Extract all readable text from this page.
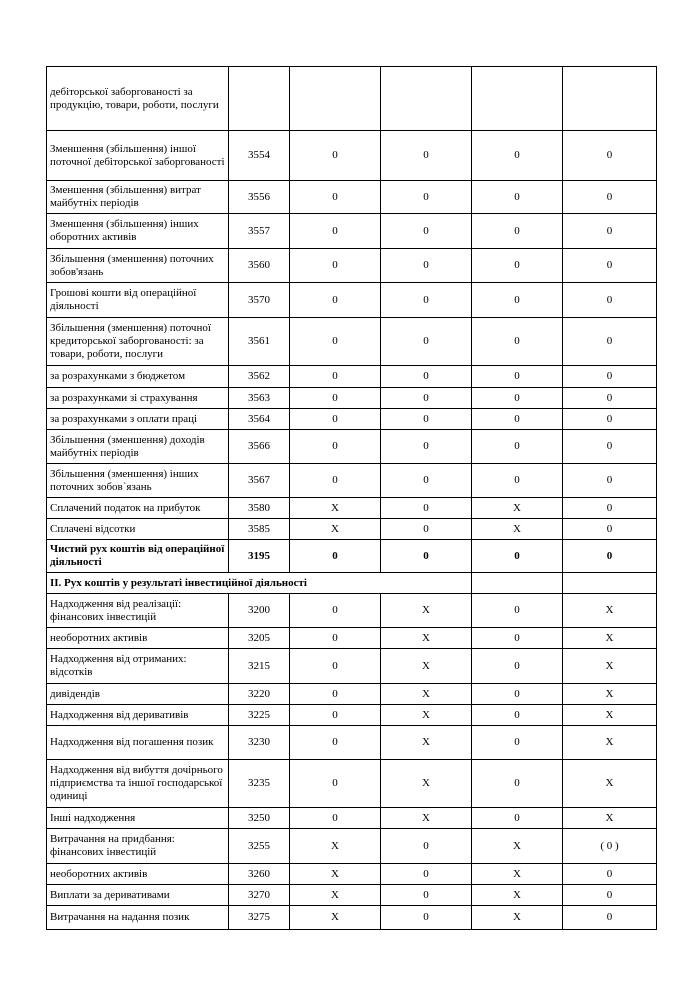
дебіторської заборгованості за продукцію, товари, роботи, послуги					
Зменшення (збільшення) іншої поточної дебіторської заборгованості	3554	0	0	0	0
Зменшення (збільшення) витрат майбутніх періодів	3556	0	0	0	0
Зменшення (збільшення) інших оборотних активів	3557	0	0	0	0
Збільшення (зменшення) поточних зобов'язань	3560	0	0	0	0
Грошові кошти від операційної діяльності	3570	0	0	0	0
Збільшення (зменшення) поточної кредиторської заборгованості: за товари, роботи, послуги	3561	0	0	0	0
за розрахунками з бюджетом	3562	0	0	0	0
за розрахунками зі страхування	3563	0	0	0	0
за розрахунками з оплати праці	3564	0	0	0	0
Збільшення (зменшення) доходів майбутніх періодів	3566	0	0	0	0
Збільшення (зменшення) інших поточних зобов`язань	3567	0	0	0	0
Сплачений податок на прибуток	3580	X	0	X	0
Сплачені відсотки	3585	X	0	X	0
Чистий рух коштів від операційної діяльності	3195	0	0	0	0
II. Рух коштів у результаті інвестиційної діяльності					
Надходження від реалізації: фінансових інвестицій	3200	0	X	0	X
необоротних активів	3205	0	X	0	X
Надходження від отриманих: відсотків	3215	0	X	0	X
дивідендів	3220	0	X	0	X
Надходження від деривативів	3225	0	X	0	X
Надходження від погашення позик	3230	0	X	0	X
Надходження від вибуття дочірнього підприємства та іншої господарської одиниці	3235	0	X	0	X
Інші надходження	3250	0	X	0	X
Витрачання на придбання: фінансових інвестицій	3255	X	0	X	( 0 )
необоротних активів	3260	X	0	X	0
Виплати за деривативами	3270	X	0	X	0
Витрачання на надання позик	3275	X	0	X	0
